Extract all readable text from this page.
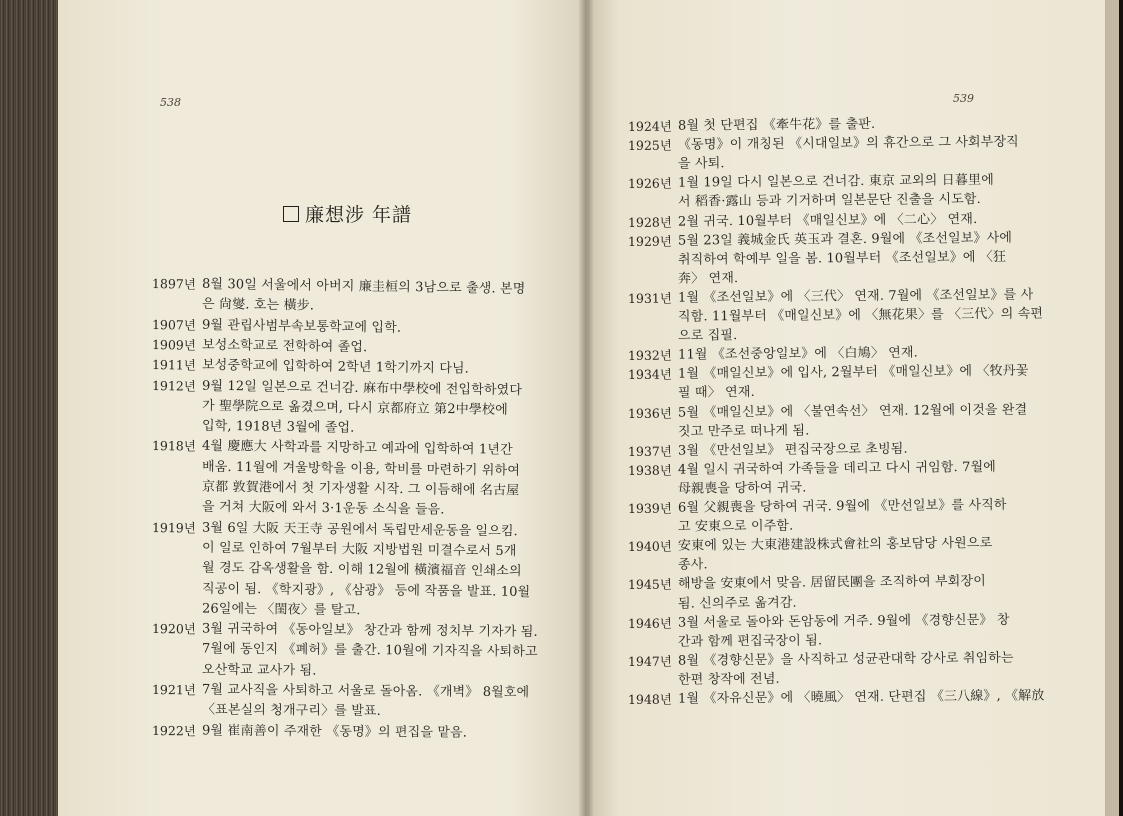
538	539
廉想涉 年譜
1897년 8월 30일 서울에서 아버지 廉圭桓의 3남으로 출생. 본명
은 尙燮. 호는 橫步.
1907년 9월 관립사범부속보통학교에 입학.
1909년 보성소학교로 전학하여 졸업.
1911년 보성중학교에 입학하여 2학년 1학기까지 다님.
1912년 9월 12일 일본으로 건너감. 麻布中學校에 전입학하였다
가 聖學院으로 옮겼으며, 다시 京都府立 第2中學校에
입학, 1918년 3월에 졸업.
1918년 4월 慶應大 사학과를 지망하고 예과에 입학하여 1년간
배움. 11월에 겨울방학을 이용, 학비를 마련하기 위하여
京都 敦賀港에서 첫 기자생활 시작. 그 이듬해에 名古屋
을 거쳐 大阪에 와서 3·1운동 소식을 들음.
1919년 3월 6일 大阪 天王寺 공원에서 독립만세운동을 일으킴.
이 일로 인하여 7월부터 大阪 지방법원 미결수로서 5개
월 경도 감옥생활을 함. 이해 12월에 橫濱福音 인쇄소의
직공이 됨. 《학지광》, 《삼광》 등에 작품을 발표. 10월
26일에는 〈閨夜〉를 탈고.
1920년 3월 귀국하여 《동아일보》 창간과 함께 정치부 기자가 됨.
7월에 동인지 《폐허》를 출간. 10월에 기자직을 사퇴하고
오산학교 교사가 됨.
1921년 7월 교사직을 사퇴하고 서울로 돌아옴. 《개벽》 8월호에
〈표본실의 청개구리〉를 발표.
1922년 9월 崔南善이 주재한 《동명》의 편집을 맡음.
1924년 8월 첫 단편집 《牽牛花》를 출판.
1925년 《동명》이 개칭된 《시대일보》의 휴간으로 그 사회부장직
을 사퇴.
1926년 1월 19일 다시 일본으로 건너감. 東京 교외의 日暮里에
서 稻香·露山 등과 기거하며 일본문단 진출을 시도함.
1928년 2월 귀국. 10월부터 《매일신보》에 〈二心〉 연재.
1929년 5월 23일 義城金氏 英玉과 결혼. 9월에 《조선일보》사에
취직하여 학예부 일을 봄. 10월부터 《조선일보》에 〈狂
奔〉 연재.
1931년 1월 《조선일보》에 〈三代〉 연재. 7월에 《조선일보》를 사
직함. 11월부터 《매일신보》에 〈無花果〉를 〈三代〉의 속편
으로 집필.
1932년 11월 《조선중앙일보》에 〈白鳩〉 연재.
1934년 1월 《매일신보》에 입사, 2월부터 《매일신보》에 〈牧丹꽃
필 때〉 연재.
1936년 5월 《매일신보》에 〈불연속선〉 연재. 12월에 이것을 완결
짓고 만주로 떠나게 됨.
1937년 3월 《만선일보》 편집국장으로 초빙됨.
1938년 4월 일시 귀국하여 가족들을 데리고 다시 귀임함. 7월에
母親喪을 당하여 귀국.
1939년 6월 父親喪을 당하여 귀국. 9월에 《만선일보》를 사직하
고 安東으로 이주함.
1940년 安東에 있는 大東港建設株式會社의 홍보담당 사원으로
종사.
1945년 해방을 安東에서 맞음. 居留民團을 조직하여 부회장이
됨. 신의주로 옮겨감.
1946년 3월 서울로 돌아와 돈암동에 거주. 9월에 《경향신문》 창
간과 함께 편집국장이 됨.
1947년 8월 《경향신문》을 사직하고 성균관대학 강사로 취임하는
한편 창작에 전념.
1948년 1월 《자유신문》에 〈曉風〉 연재. 단편집 《三八線》, 《解放
